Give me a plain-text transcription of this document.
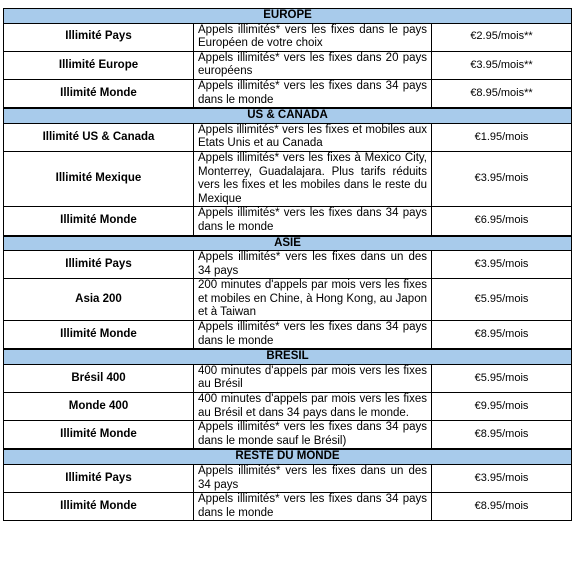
EUROPE		
Illimité Pays	Appels illimités* vers les fixes dans le pays Européen de votre choix	€2.95/mois**
Illimité Europe	Appels illimités* vers les fixes dans 20 pays européens	€3.95/mois**
Illimité Monde	Appels illimités* vers les fixes dans 34 pays dans le monde	€8.95/mois**
US & CANADA		
Illimité US & Canada	Appels illimités* vers les fixes et mobiles aux Etats Unis et au Canada	€1.95/mois
Illimité Mexique	Appels illimités* vers les fixes à Mexico City, Monterrey, Guadalajara. Plus tarifs réduits vers les fixes et les mobiles dans le reste du Mexique	€3.95/mois
Illimité Monde	Appels illimités* vers les fixes dans 34 pays dans le monde	€6.95/mois
ASIE		
Illimité Pays	Appels illimités* vers les fixes dans un des 34 pays	€3.95/mois
Asia 200	200 minutes d'appels par mois vers les fixes et mobiles en Chine, à Hong Kong, au Japon et à Taiwan	€5.95/mois
Illimité Monde	Appels illimités* vers les fixes dans 34 pays dans le monde	€8.95/mois
BRESIL		
Brésil 400	400 minutes d'appels par mois vers les fixes au Brésil	€5.95/mois
Monde 400	400 minutes d'appels par mois vers les fixes au Brésil et dans 34 pays dans le monde.	€9.95/mois
Illimité Monde	Appels illimités* vers les fixes dans 34 pays dans le monde sauf le Brésil)	€8.95/mois
RESTE DU MONDE		
Illimité Pays	Appels illimités* vers les fixes dans un des 34 pays	€3.95/mois
Illimité Monde	Appels illimités* vers les fixes dans 34 pays dans le monde	€8.95/mois
